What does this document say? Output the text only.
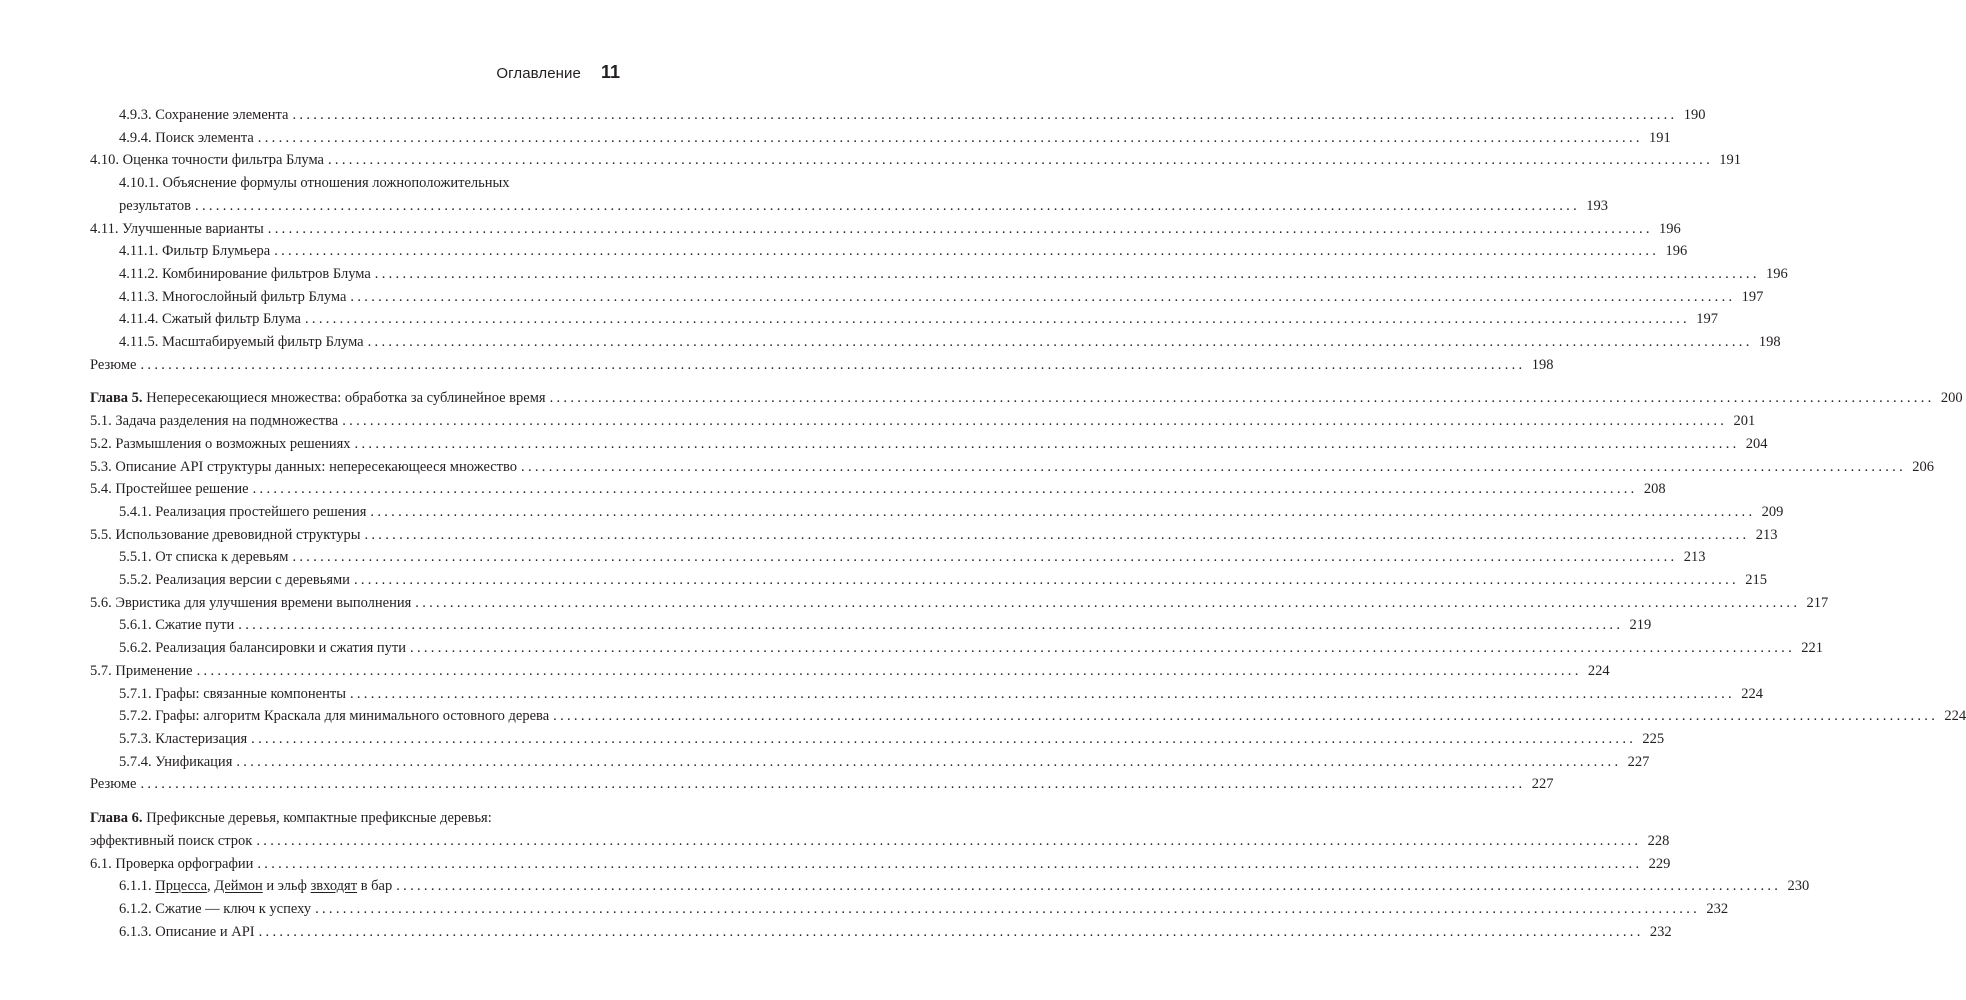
Оглавление 11
4.9.3. Сохранение элемента ........................................................................................................................................................................................................ 190
4.9.4. Поиск элемента ........................................................................................................................................................................................................ 191
4.10. Оценка точности фильтра Блума ........................................................................................................................................................................................................ 191
4.10.1. Объяснение формулы отношения ложноположительных
результатов ........................................................................................................................................................................................................ 193
4.11. Улучшенные варианты ........................................................................................................................................................................................................ 196
4.11.1. Фильтр Блумьера ........................................................................................................................................................................................................ 196
4.11.2. Комбинирование фильтров Блума ........................................................................................................................................................................................................ 196
4.11.3. Многослойный фильтр Блума ........................................................................................................................................................................................................ 197
4.11.4. Сжатый фильтр Блума ........................................................................................................................................................................................................ 197
4.11.5. Масштабируемый фильтр Блума ........................................................................................................................................................................................................ 198
Резюме ........................................................................................................................................................................................................ 198
Глава 5. Непересекающиеся множества: обработка за сублинейное время ........................................................................................................................................................................................................ 200
5.1. Задача разделения на подмножества ........................................................................................................................................................................................................ 201
5.2. Размышления о возможных решениях ........................................................................................................................................................................................................ 204
5.3. Описание API структуры данных: непересекающееся множество ........................................................................................................................................................................................................ 206
5.4. Простейшее решение ........................................................................................................................................................................................................ 208
5.4.1. Реализация простейшего решения ........................................................................................................................................................................................................ 209
5.5. Использование древовидной структуры ........................................................................................................................................................................................................ 213
5.5.1. От списка к деревьям ........................................................................................................................................................................................................ 213
5.5.2. Реализация версии с деревьями ........................................................................................................................................................................................................ 215
5.6. Эвристика для улучшения времени выполнения ........................................................................................................................................................................................................ 217
5.6.1. Сжатие пути ........................................................................................................................................................................................................ 219
5.6.2. Реализация балансировки и сжатия пути ........................................................................................................................................................................................................ 221
5.7. Применение ........................................................................................................................................................................................................ 224
5.7.1. Графы: связанные компоненты ........................................................................................................................................................................................................ 224
5.7.2. Графы: алгоритм Краскала для минимального остовного дерева ........................................................................................................................................................................................................ 224
5.7.3. Кластеризация ........................................................................................................................................................................................................ 225
5.7.4. Унификация ........................................................................................................................................................................................................ 227
Резюме ........................................................................................................................................................................................................ 227
Глава 6. Префиксные деревья, компактные префиксные деревья:
эффективный поиск строк ........................................................................................................................................................................................................ 228
6.1. Проверка орфографии ........................................................................................................................................................................................................ 229
6.1.1. Прцесса, Деймон и эльф звходят в бар ........................................................................................................................................................................................................ 230
6.1.2. Сжатие — ключ к успеху ........................................................................................................................................................................................................ 232
6.1.3. Описание и API ........................................................................................................................................................................................................ 232
